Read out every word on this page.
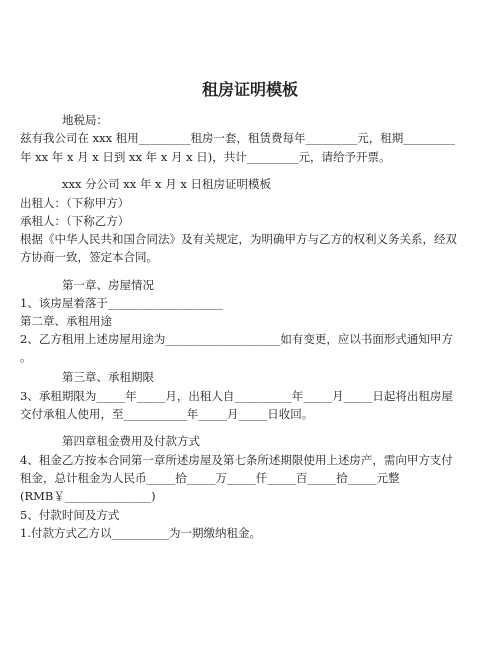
租房证明模板

地税局：

兹有我公司在 xxx 租用_________租房一套，租赁费每年_________元，租期_________

年 xx 年 x 月 x 日到 xx 年 x 月 x 日)，共计_________元，请给予开票。

xxx 分公司 xx 年 x 月 x 日租房证明模板

出租人：（下称甲方）

承租人：（下称乙方）

根据《中华人民共和国合同法》及有关规定，为明确甲方与乙方的权利义务关系，经双

方协商一致，签定本合同。

第一章、房屋情况

1、该房屋着落于____________________

第二章、承租用途

2、乙方租用上述房屋用途为____________________如有变更，应以书面形式通知甲方

。

第三章、承租期限

3、承租期限为_____年_____月，出租人自__________年_____月_____日起将出租房屋

交付承租人使用，至___________年_____月_____日收回。

第四章租金费用及付款方式

4、租金乙方按本合同第一章所述房屋及第七条所述期限使用上述房产，需向甲方支付

租金，总计租金为人民币_____拾_____万_____仟_____百_____拾_____元整

(RMB￥_______________)

5、付款时间及方式

1.付款方式乙方以__________为一期缴纳租金。
